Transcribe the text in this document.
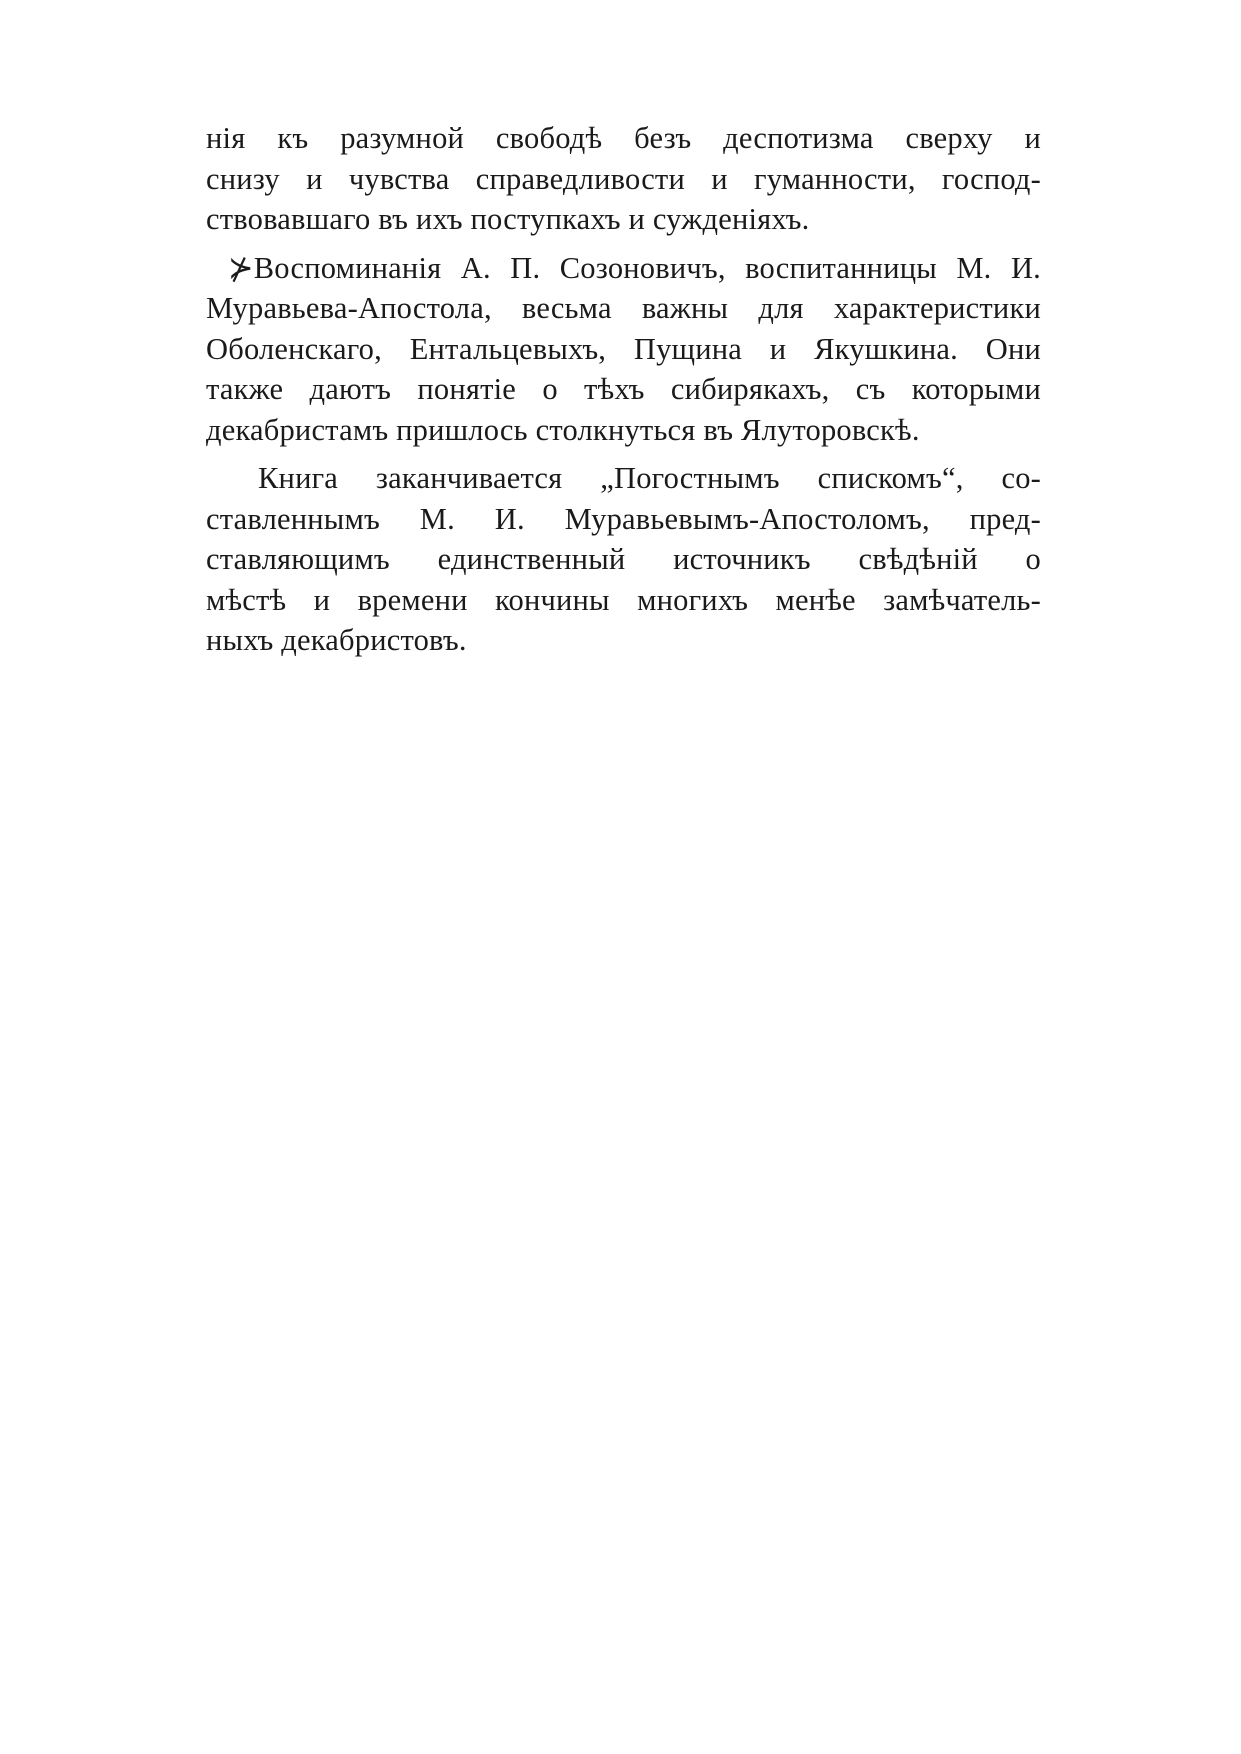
нія къ разумной свободѣ безъ деспотизма сверху и
снизу и чувства справедливости и гуманности, господ-
ствовавшаго въ ихъ поступкахъ и сужденіяхъ.
⊁Воспоминанія А. П. Созоновичъ, воспитанницы М. И.
Муравьева-Апостола, весьма важны для характеристики
Оболенскаго, Ентальцевыхъ, Пущина и Якушкина. Они
также даютъ понятіе о тѣхъ сибирякахъ, съ которыми
декабристамъ пришлось столкнуться въ Ялуторовскѣ.
Книга заканчивается „Погостнымъ спискомъ“, со-
ставленнымъ М. И. Муравьевымъ-Апостоломъ, пред-
ставляющимъ единственный источникъ свѣдѣній о
мѣстѣ и времени кончины многихъ менѣе замѣчатель-
ныхъ декабристовъ.
